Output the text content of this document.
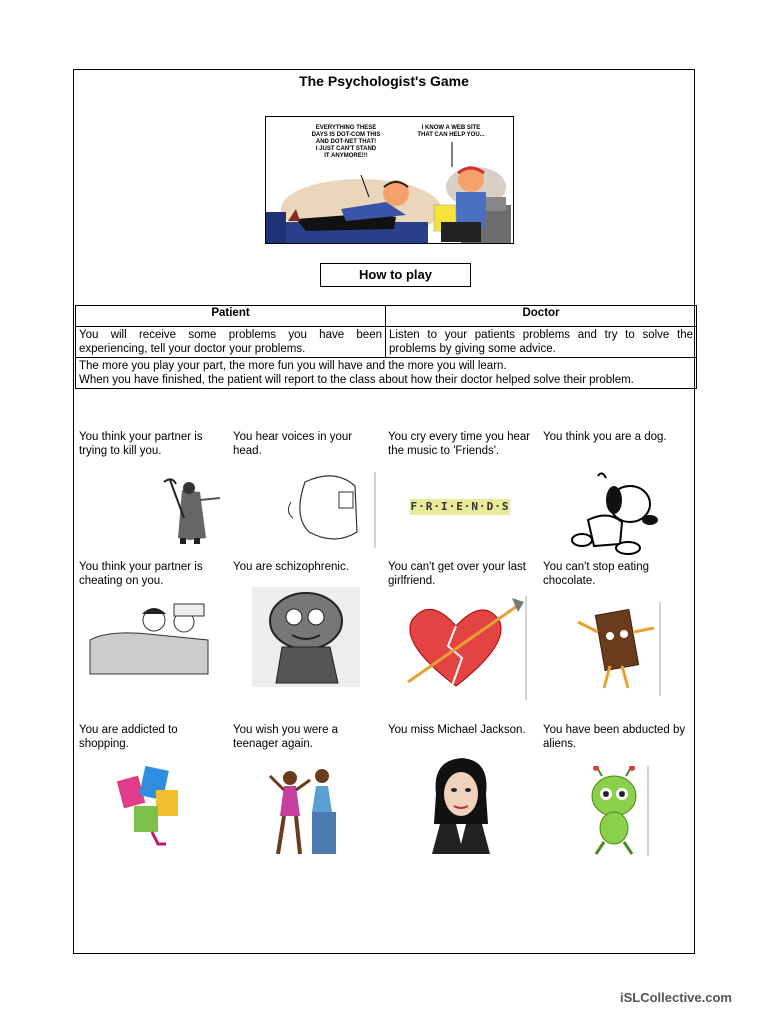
The Psychologist's Game
EVERYTHING THESE
DAYS IS DOT-COM THIS
AND DOT-NET THAT!
I JUST CAN'T STAND
IT ANYMORE!!!
I KNOW A WEB SITE
THAT CAN HELP YOU...
How to play
Patient	Doctor
You will receive some problems you have been experiencing, tell your doctor your problems.	Listen to your patients problems and try to solve the problems by giving some advice.

The more you play your part, the more fun you will have and the more you will learn.
When you have finished, the patient will report to the class about how their doctor helped solve their problem.	
You think your partner is trying to kill you.
You hear voices in your head.
You cry every time you hear the music to 'Friends'.
You think you are a dog.
F·R·I·E·N·D·S
You think your partner is cheating on you.
You are schizophrenic.	You can't get over your last girlfriend.
You can't stop eating chocolate.
You are addicted to shopping.
You wish you were a teenager again.
You miss Michael Jackson.	You have been abducted by aliens.
iSLCollective.com
